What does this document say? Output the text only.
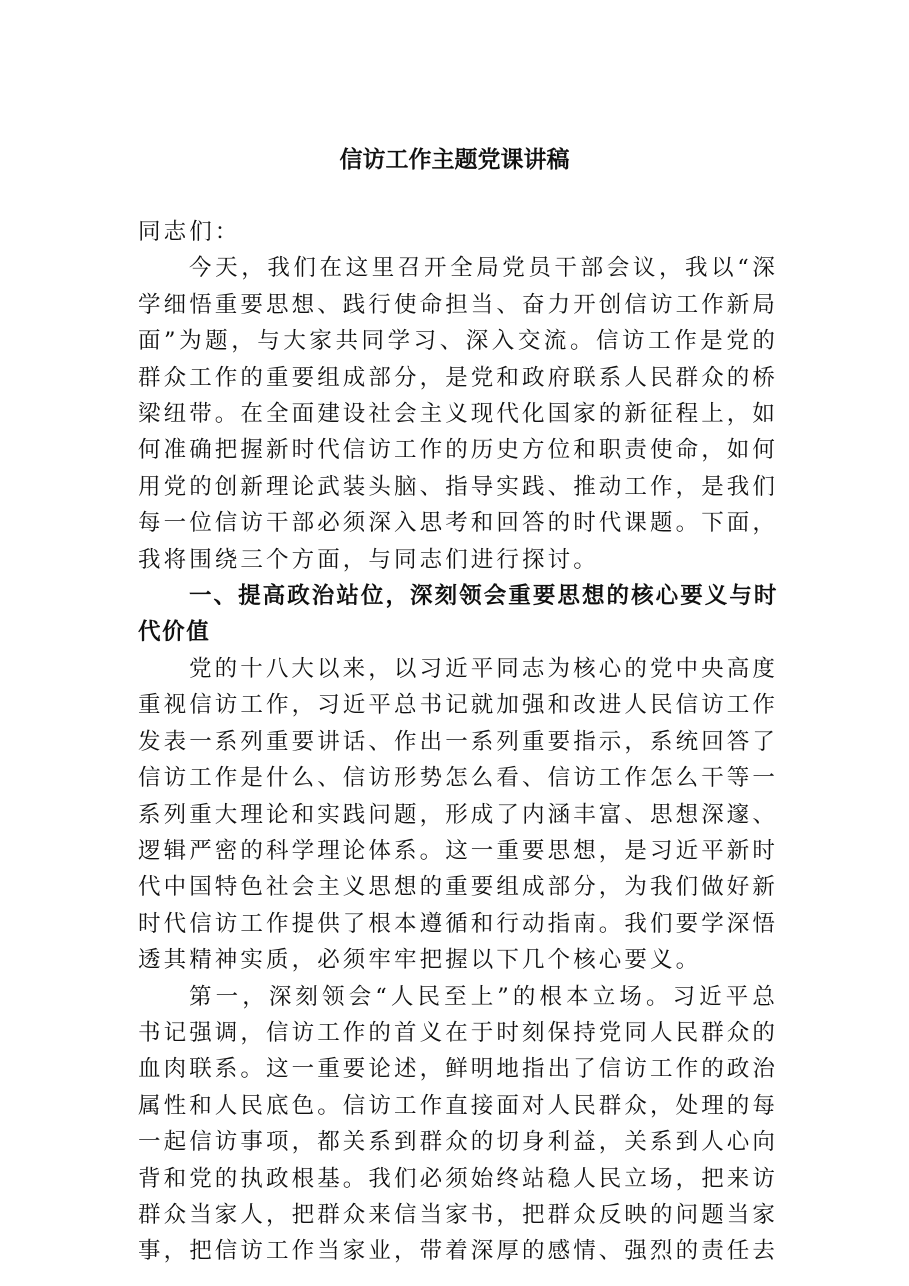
信访工作主题党课讲稿

同志们：

今天，我们在这里召开全局党员干部会议，我以“深学细悟重要思想、践行使命担当、奋力开创信访工作新局面”为题，与大家共同学习、深入交流。信访工作是党的群众工作的重要组成部分，是党和政府联系人民群众的桥梁纽带。在全面建设社会主义现代化国家的新征程上，如何准确把握新时代信访工作的历史方位和职责使命，如何用党的创新理论武装头脑、指导实践、推动工作，是我们每一位信访干部必须深入思考和回答的时代课题。下面，我将围绕三个方面，与同志们进行探讨。

一、提高政治站位，深刻领会重要思想的核心要义与时代价值

党的十八大以来，以习近平同志为核心的党中央高度重视信访工作，习近平总书记就加强和改进人民信访工作发表一系列重要讲话、作出一系列重要指示，系统回答了信访工作是什么、信访形势怎么看、信访工作怎么干等一系列重大理论和实践问题，形成了内涵丰富、思想深邃、逻辑严密的科学理论体系。这一重要思想，是习近平新时代中国特色社会主义思想的重要组成部分，为我们做好新时代信访工作提供了根本遵循和行动指南。我们要学深悟透其精神实质，必须牢牢把握以下几个核心要义。

第一，深刻领会“人民至上”的根本立场。习近平总书记强调，信访工作的首义在于时刻保持党同人民群众的血肉联系。这一重要论述，鲜明地指出了信访工作的政治属性和人民底色。信访工作直接面对人民群众，处理的每一起信访事项，都关系到群众的切身利益，关系到人心向背和党的执政根基。我们必须始终站稳人民立场，把来访群众当家人，把群众来信当家书，把群众反映的问题当家事，把信访工作当家业，带着深厚的感情、强烈的责任去
